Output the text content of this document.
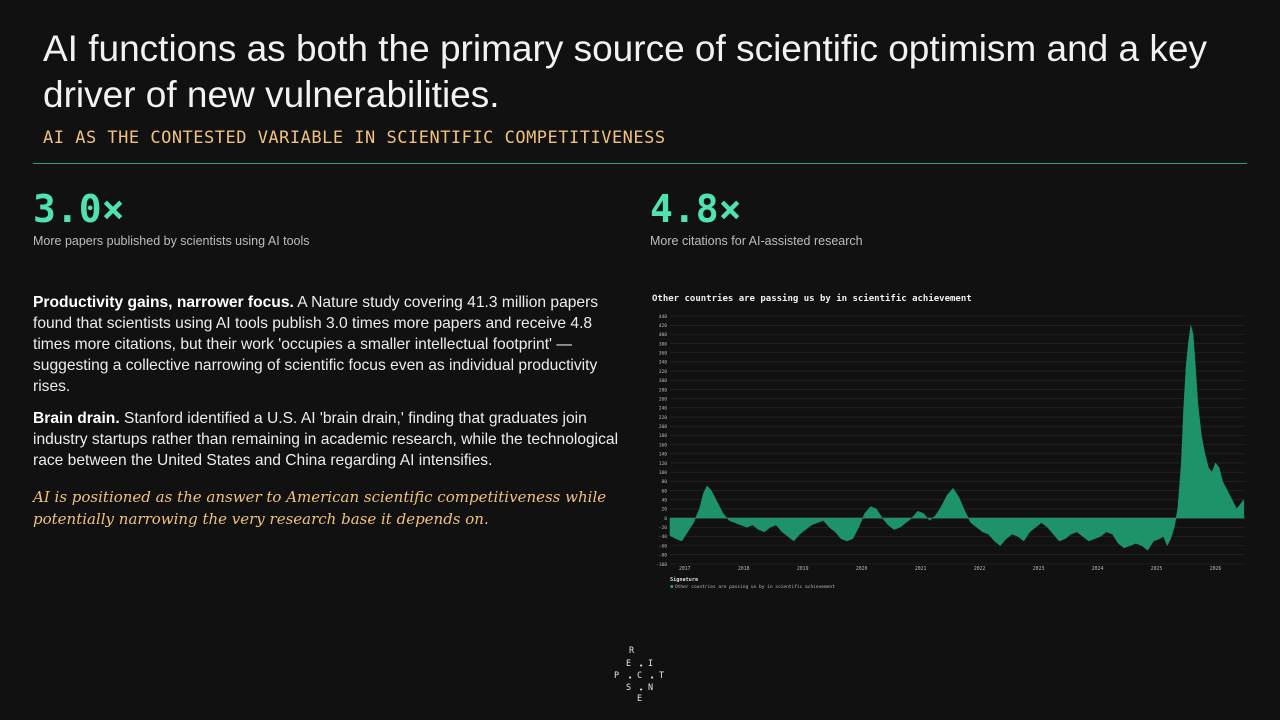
AI functions as both the primary source of scientific optimism and a key driver of new vulnerabilities.
AI AS THE CONTESTED VARIABLE IN SCIENTIFIC COMPETITIVENESS
3.0×
More papers published by scientists using AI tools
4.8×
More citations for AI-assisted research

Productivity gains, narrower focus. A Nature study covering 41.3 million papers found that scientists using AI tools publish 3.0 times more papers and receive 4.8 times more citations, but their work 'occupies a smaller intellectual footprint' — suggesting a collective narrowing of scientific focus even as individual productivity rises.

Brain drain. Stanford identified a U.S. AI 'brain drain,' finding that graduates join industry startups rather than remaining in academic research, while the technological race between the United States and China regarding AI intensifies.

AI is positioned as the answer to American scientific competitiveness while potentially narrowing the very research base it depends on.

Other countries are passing us by in scientific achievement
-100
-80
-60
-40
-20
0
20
40
60
80
100
120
140
160
180
200
220
240
260
280
300
320
340
360
380
400
420
440
2017	2018	2019	2020	2021	2022	2023	2024	2025	2026
Signature
Other countries are passing us by in scientific achievement
R
E I
P C T
S N
E
•
•	•
•
